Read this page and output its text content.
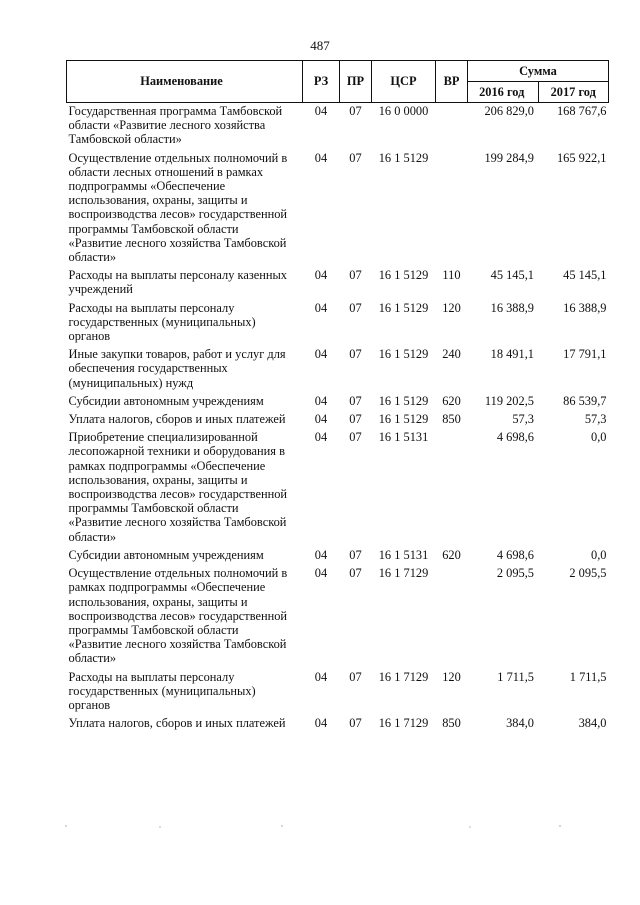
487
Наименование	РЗ	ПР	ЦСР	ВР	Сумма	
					2016 год	2017 год
Государственная программа Тамбовской области «Развитие лесного хозяйства Тамбовской области»	04	07	16 0 0000		206 829,0	168 767,6
Осуществление отдельных полномочий в области лесных отношений в рамках подпрограммы «Обеспечение использования, охраны, защиты и воспроизводства лесов» государственной программы Тамбовской области «Развитие лесного хозяйства Тамбовской области»	04	07	16 1 5129		199 284,9	165 922,1
Расходы на выплаты персоналу казенных учреждений	04	07	16 1 5129	110	45 145,1	45 145,1
Расходы на выплаты персоналу государственных (муниципальных) органов	04	07	16 1 5129	120	16 388,9	16 388,9
Иные закупки товаров, работ и услуг для обеспечения государственных (муниципальных) нужд	04	07	16 1 5129	240	18 491,1	17 791,1
Субсидии автономным учреждениям	04	07	16 1 5129	620	119 202,5	86 539,7
Уплата налогов, сборов и иных платежей	04	07	16 1 5129	850	57,3	57,3
Приобретение специализированной лесопожарной техники и оборудования в рамках подпрограммы «Обеспечение использования, охраны, защиты и воспроизводства лесов» государственной программы Тамбовской области «Развитие лесного хозяйства Тамбовской области»	04	07	16 1 5131		4 698,6	0,0
Субсидии автономным учреждениям	04	07	16 1 5131	620	4 698,6	0,0
Осуществление отдельных полномочий в рамках подпрограммы «Обеспечение использования, охраны, защиты и воспроизводства лесов» государственной программы Тамбовской области «Развитие лесного хозяйства Тамбовской области»	04	07	16 1 7129		2 095,5	2 095,5
Расходы на выплаты персоналу государственных (муниципальных) органов	04	07	16 1 7129	120	1 711,5	1 711,5
Уплата налогов, сборов и иных платежей	04	07	16 1 7129	850	384,0	384,0
